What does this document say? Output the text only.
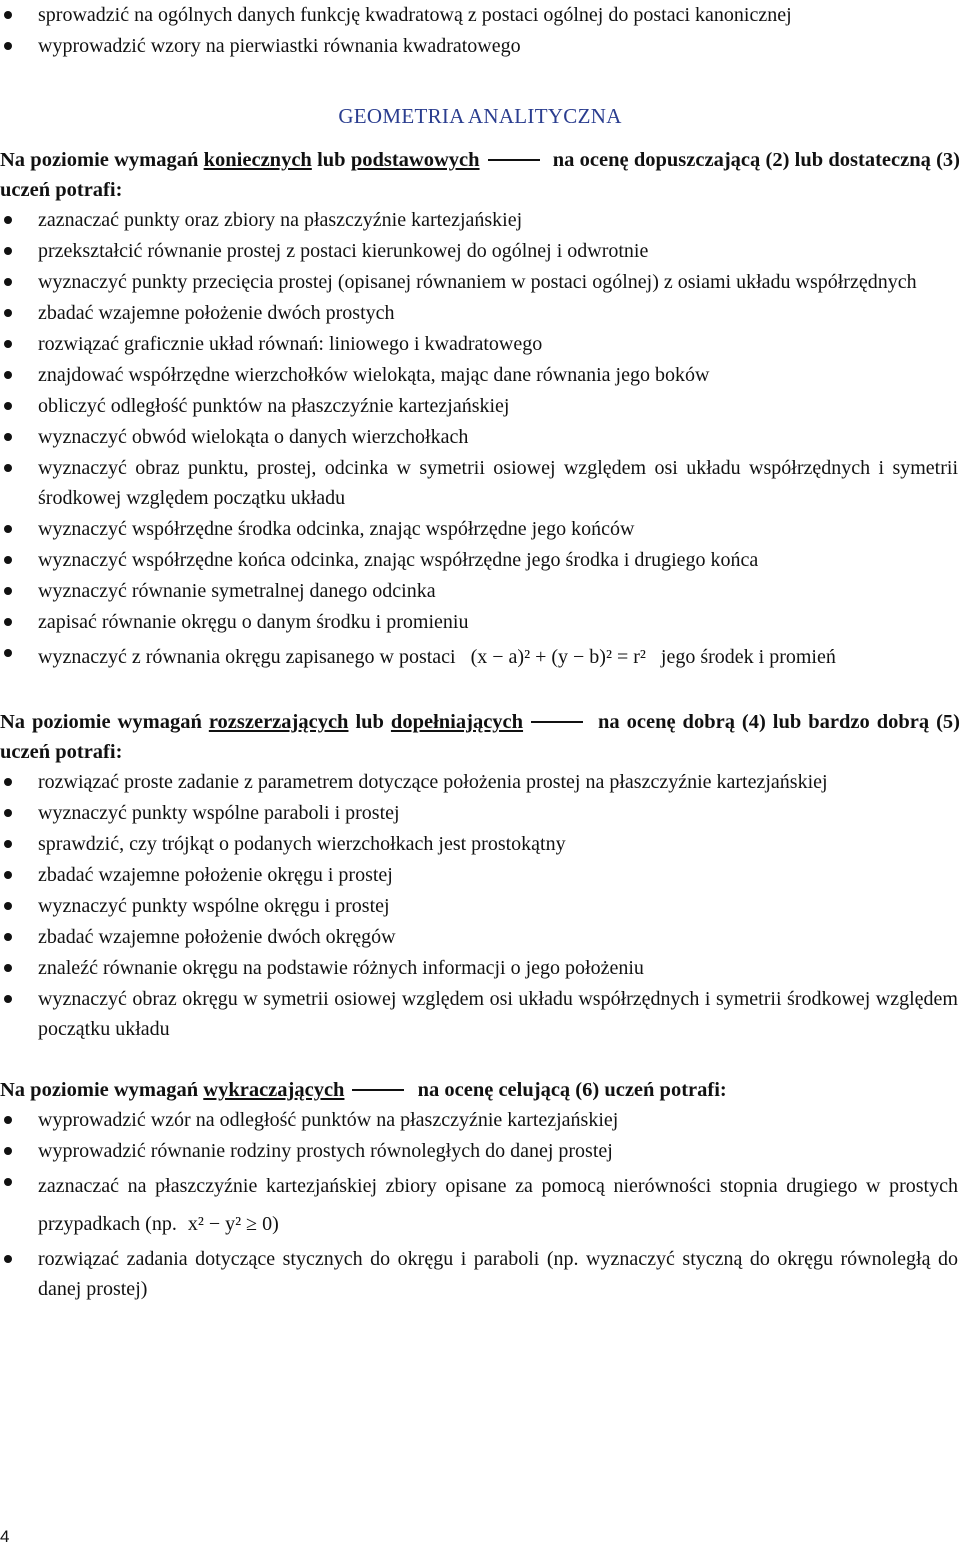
sprowadzić na ogólnych danych funkcję kwadratową z postaci ogólnej do postaci kanonicznej
wyprowadzić wzory na pierwiastki równania kwadratowego
GEOMETRIA ANALITYCZNA
Na poziomie wymagań koniecznych lub podstawowych	na ocenę dopuszczającą (2) lub dostateczną (3) uczeń potrafi:
zaznaczać punkty oraz zbiory na płaszczyźnie kartezjańskiej
przekształcić równanie prostej z postaci kierunkowej do ogólnej i odwrotnie
wyznaczyć punkty przecięcia prostej (opisanej równaniem w postaci ogólnej) z osiami układu współrzędnych
zbadać wzajemne położenie dwóch prostych
rozwiązać graficznie układ równań: liniowego i kwadratowego
znajdować współrzędne wierzchołków wielokąta, mając dane równania jego boków
obliczyć odległość punktów na płaszczyźnie kartezjańskiej
wyznaczyć obwód wielokąta o danych wierzchołkach
wyznaczyć obraz punktu, prostej, odcinka w symetrii osiowej względem osi układu współrzędnych i symetrii środkowej względem początku układu
wyznaczyć współrzędne środka odcinka, znając współrzędne jego końców
wyznaczyć współrzędne końca odcinka, znając współrzędne jego środka i drugiego końca
wyznaczyć równanie symetralnej danego odcinka
zapisać równanie okręgu o danym środku i promieniu
wyznaczyć z równania okręgu zapisanego w postaci (x − a)² + (y − b)² = r² jego środek i promień
Na poziomie wymagań rozszerzających lub dopełniających	na ocenę dobrą (4) lub bardzo dobrą (5) uczeń potrafi:
rozwiązać proste zadanie z parametrem dotyczące położenia prostej na płaszczyźnie kartezjańskiej
wyznaczyć punkty wspólne paraboli i prostej
sprawdzić, czy trójkąt o podanych wierzchołkach jest prostokątny
zbadać wzajemne położenie okręgu i prostej
wyznaczyć punkty wspólne okręgu i prostej
zbadać wzajemne położenie dwóch okręgów
znaleźć równanie okręgu na podstawie różnych informacji o jego położeniu
wyznaczyć obraz okręgu w symetrii osiowej względem osi układu współrzędnych i symetrii środkowej względem początku układu
Na poziomie wymagań wykraczających	na ocenę celującą (6) uczeń potrafi:
wyprowadzić wzór na odległość punktów na płaszczyźnie kartezjańskiej
wyprowadzić równanie rodziny prostych równoległych do danej prostej
zaznaczać na płaszczyźnie kartezjańskiej zbiory opisane za pomocą nierówności stopnia drugiego w prostych przypadkach (np. x² − y² ≥ 0)
rozwiązać zadania dotyczące stycznych do okręgu i paraboli (np. wyznaczyć styczną do okręgu równoległą do danej prostej)
4
